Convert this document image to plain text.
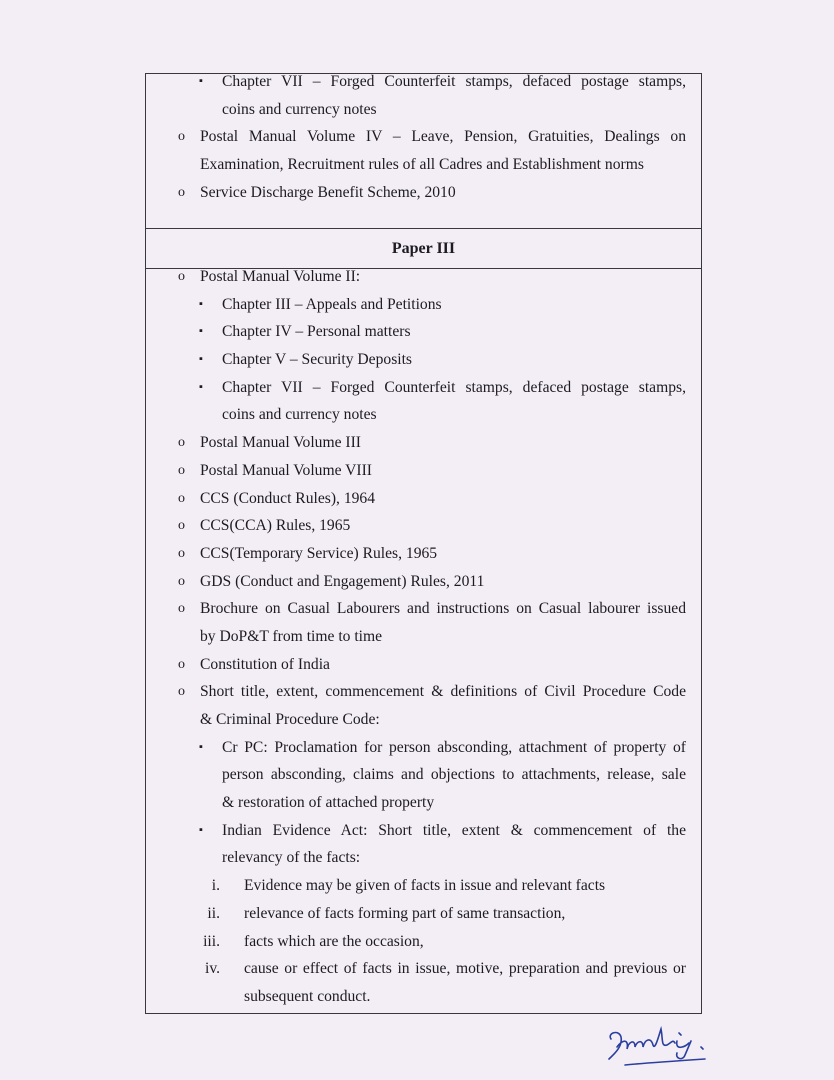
▪ Chapter VII – Forged Counterfeit stamps, defaced postage stamps,
coins and currency notes
o Postal Manual Volume IV – Leave, Pension, Gratuities, Dealings on
Examination, Recruitment rules of all Cadres and Establishment norms
o Service Discharge Benefit Scheme, 2010
Paper III
o Postal Manual Volume II:
▪ Chapter III – Appeals and Petitions
▪ Chapter IV – Personal matters
▪ Chapter V – Security Deposits
▪ Chapter VII – Forged Counterfeit stamps, defaced postage stamps,
coins and currency notes
o Postal Manual Volume III
o Postal Manual Volume VIII
o CCS (Conduct Rules), 1964
o CCS(CCA) Rules, 1965
o CCS(Temporary Service) Rules, 1965
o GDS (Conduct and Engagement) Rules, 2011
o Brochure on Casual Labourers and instructions on Casual labourer issued
by DoP&T from time to time
o Constitution of India
o Short title, extent, commencement & definitions of Civil Procedure Code
& Criminal Procedure Code:
▪ Cr PC: Proclamation for person absconding, attachment of property of
person absconding, claims and objections to attachments, release, sale
& restoration of attached property
▪ Indian Evidence Act: Short title, extent & commencement of the
relevancy of the facts:
i. Evidence may be given of facts in issue and relevant facts
ii. relevance of facts forming part of same transaction,
iii. facts which are the occasion,
iv. cause or effect of facts in issue, motive, preparation and previous or
subsequent conduct.
